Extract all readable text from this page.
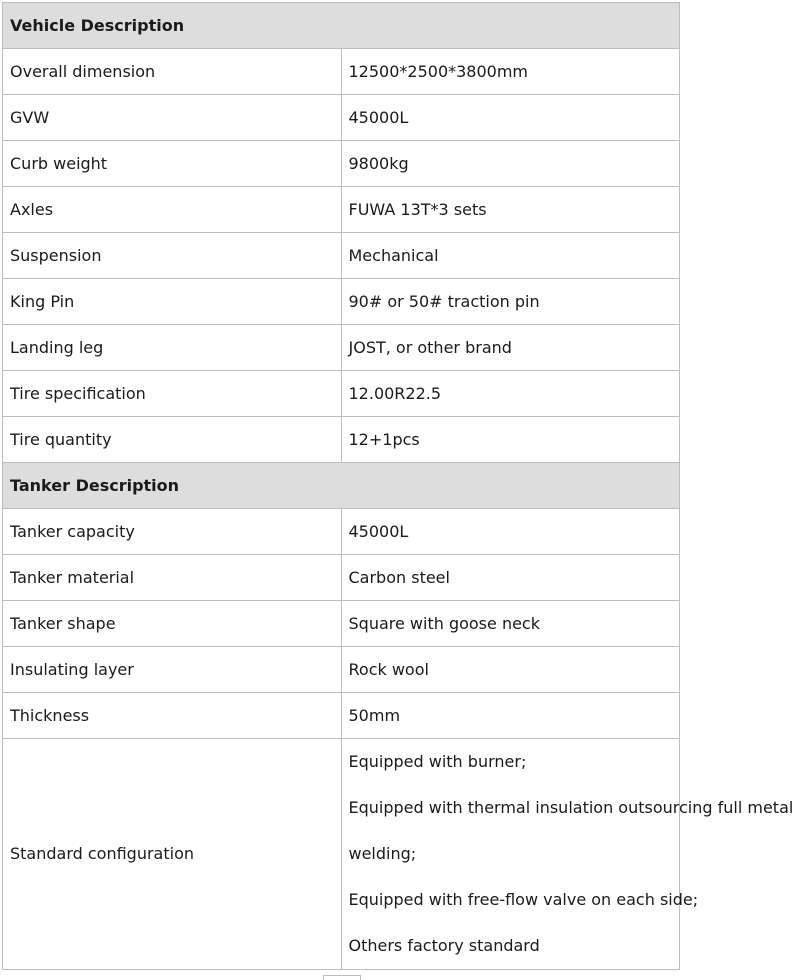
Vehicle Description	
Overall dimension	12500*2500*3800mm
GVW	45000L
Curb weight	9800kg
Axles	FUWA 13T*3 sets
Suspension	Mechanical
King Pin	90# or 50# traction pin
Landing leg	JOST, or other brand
Tire specification	12.00R22.5
Tire quantity	12+1pcs
Tanker Description	
Tanker capacity	45000L
Tanker material	Carbon steel
Tanker shape	Square with goose neck
Insulating layer	Rock wool
Thickness	50mm
Standard configuration	Equipped with burner;
Equipped with thermal insulation outsourcing full metal
welding;
Equipped with free-flow valve on each side;
Others factory standard
